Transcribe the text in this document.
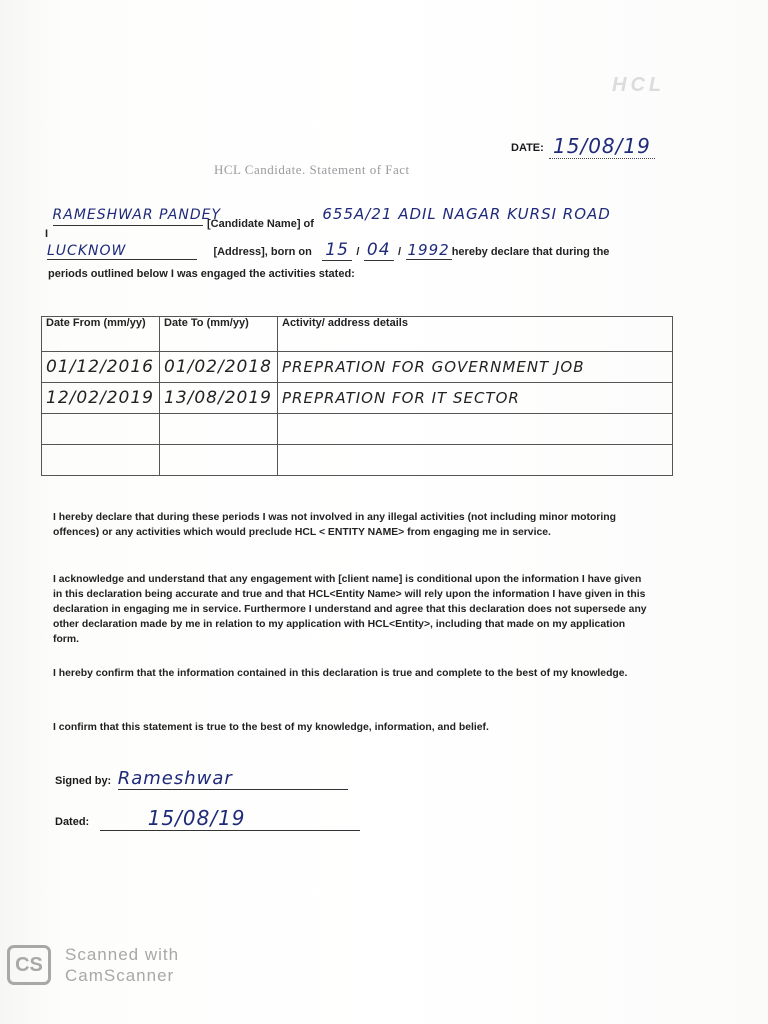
HCL
DATE: 15/08/19
HCL Candidate. Statement of Fact
$_I$ RAMESHWAR PANDEY $_{[Candidate Name] of}$ 655A/21 ADIL NAGAR KURSI ROAD
LUCKNOW	[Address], born on 15 / 04 / 1992 hereby declare that during the
periods outlined below I was engaged the activities stated:
Date From (mm/yy)	Date To (mm/yy)	Activity/ address details
01/12/2016	01/02/2018	PREPRATION FOR GOVERNMENT JOB
12/02/2019	13/08/2019	PREPRATION FOR IT SECTOR

I hereby declare that during these periods I was not involved in any illegal activities (not including minor motoring offences) or any activities which would preclude HCL < ENTITY NAME> from engaging me in service.
I acknowledge and understand that any engagement with [client name] is conditional upon the information I have given in this declaration being accurate and true and that HCL<Entity Name> will rely upon the information I have given in this declaration in engaging me in service. Furthermore I understand and agree that this declaration does not supersede any other declaration made by me in relation to my application with HCL<Entity>, including that made on my application form.
I hereby confirm that the information contained in this declaration is true and complete to the best of my knowledge.
I confirm that this statement is true to the best of my knowledge, information, and belief.
Signed by: Rameshwar
Dated:	15/08/19
CS	Scanned with
CamScanner
